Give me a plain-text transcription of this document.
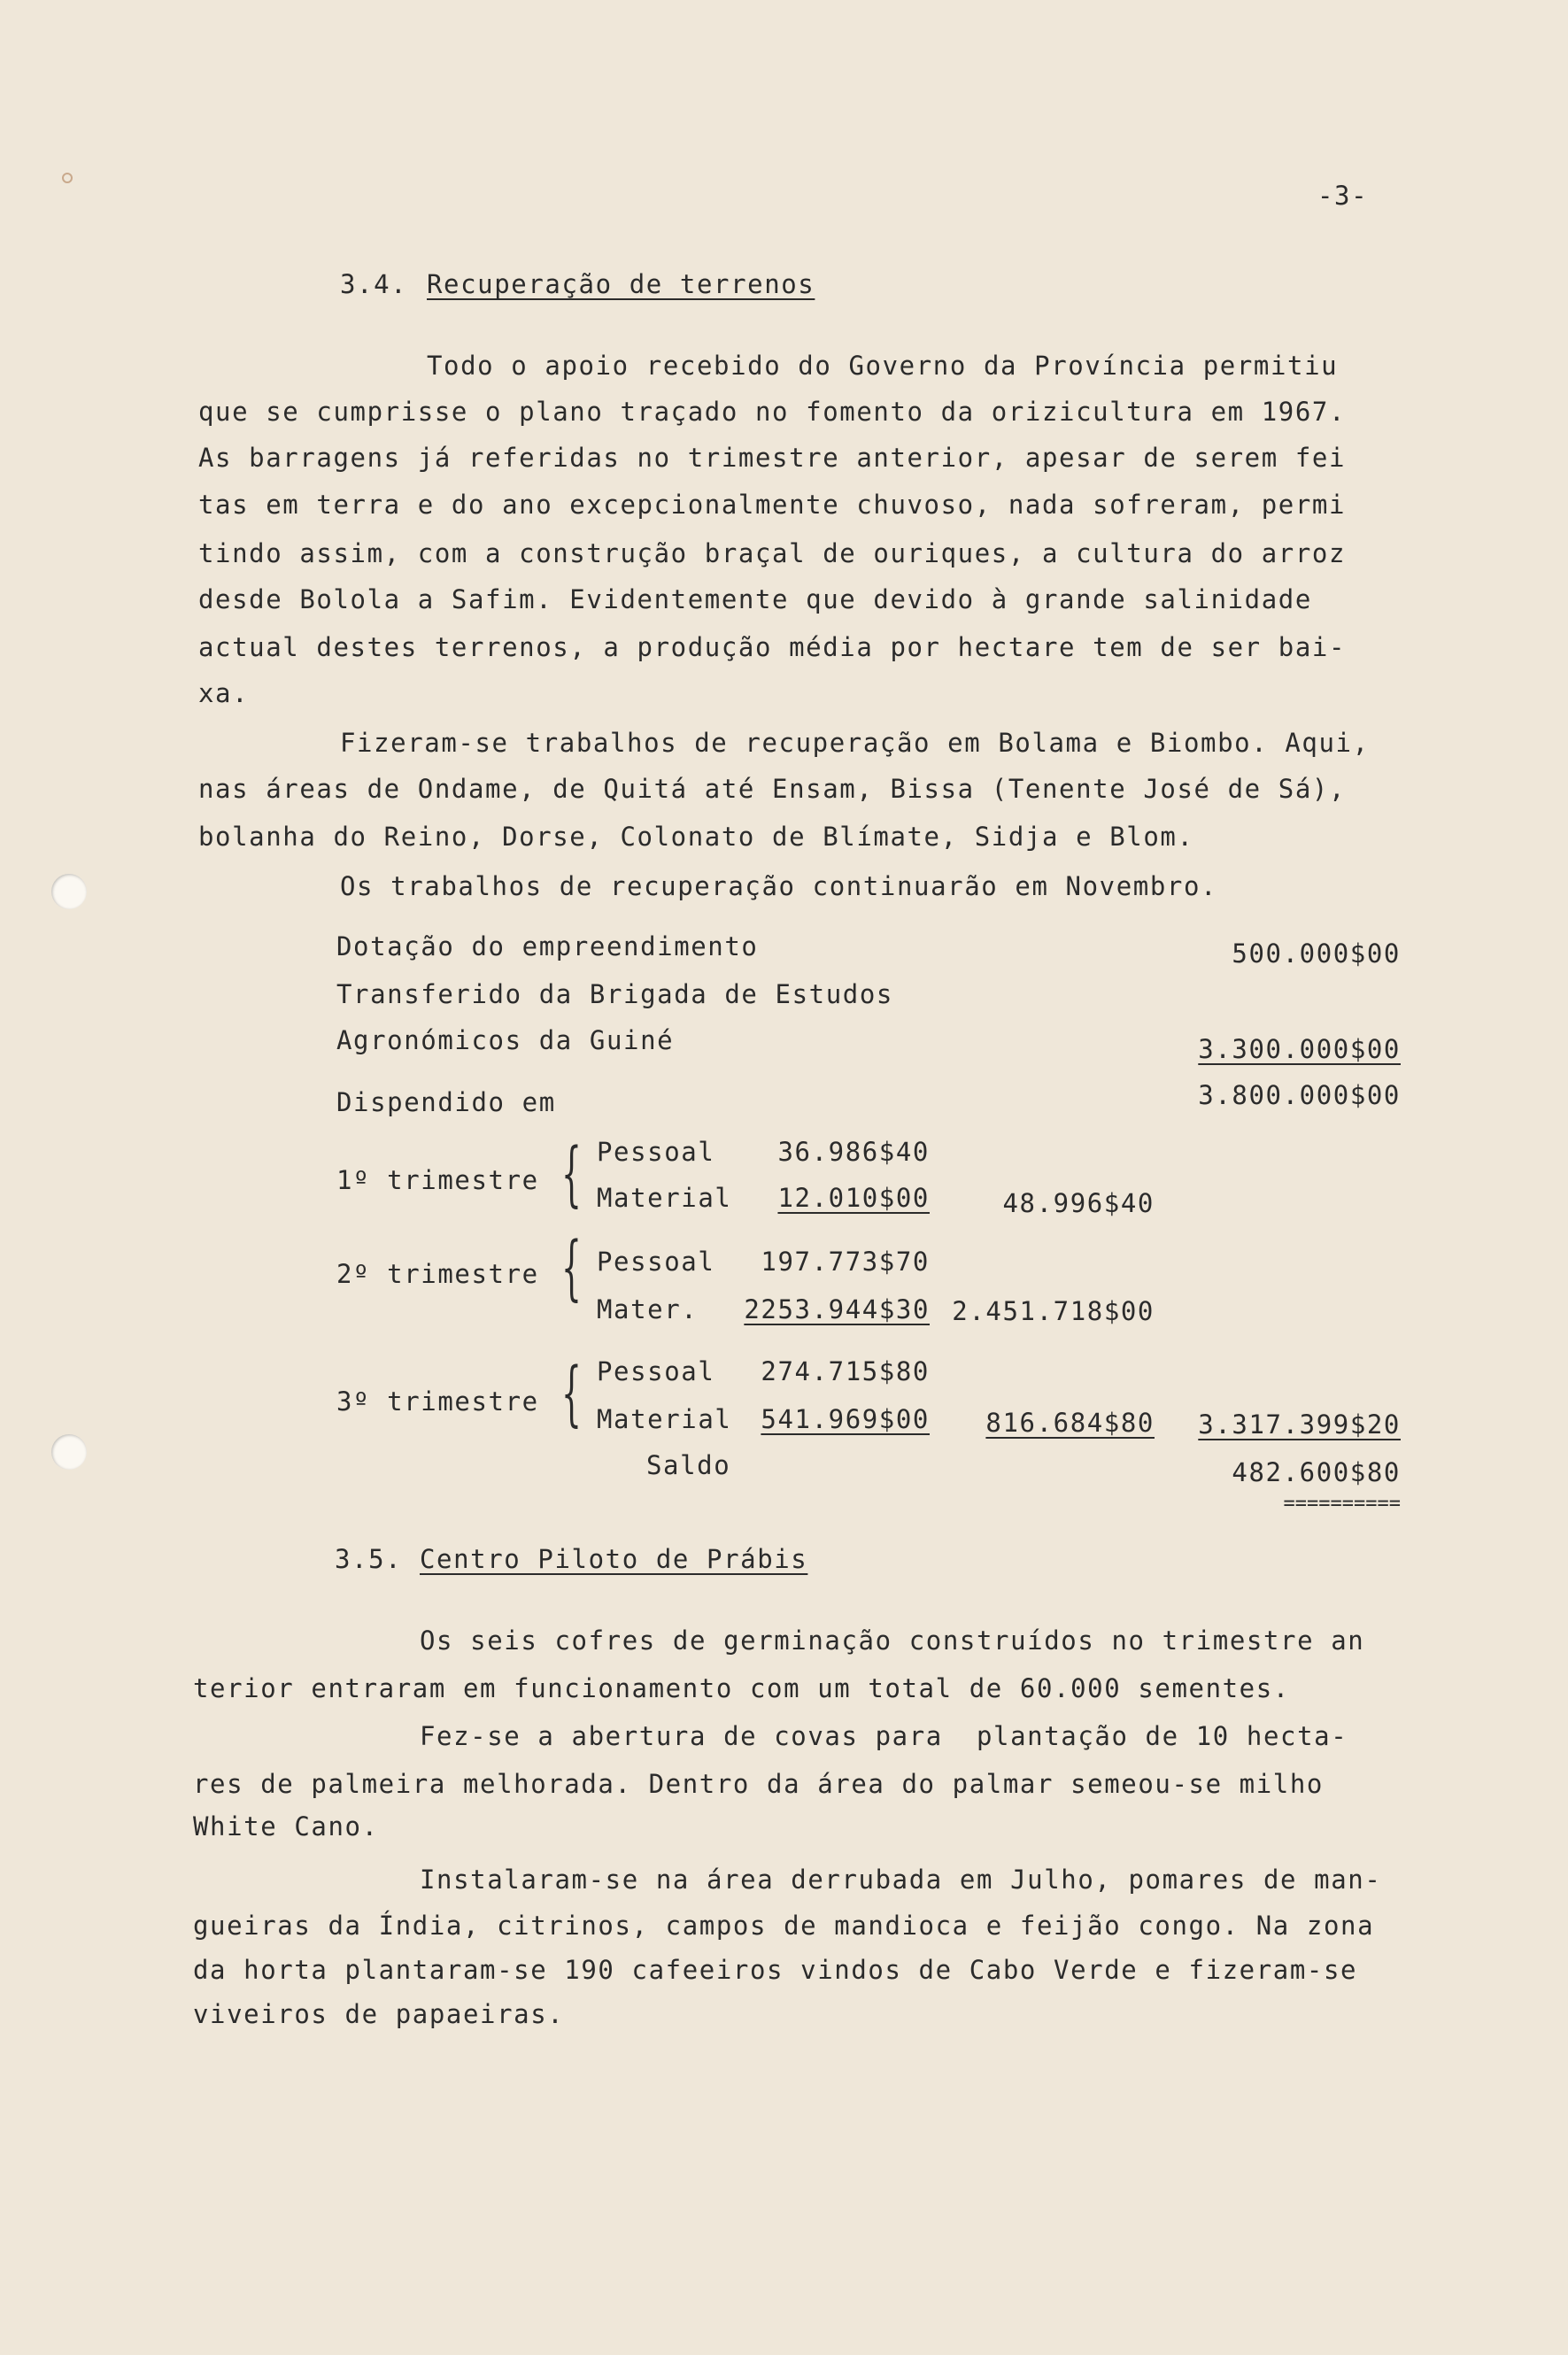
-3-
3.4. Recuperação de terrenos
Todo o apoio recebido do Governo da Província permitiu
que se cumprisse o plano traçado no fomento da orizicultura em 1967.
As barragens já referidas no trimestre anterior, apesar de serem fei
tas em terra e do ano excepcionalmente chuvoso, nada sofreram, permi
tindo assim, com a construção braçal de ouriques, a cultura do arroz
desde Bolola a Safim. Evidentemente que devido à grande salinidade
actual destes terrenos, a produção média por hectare tem de ser bai-
xa.
Fizeram-se trabalhos de recuperação em Bolama e Biombo. Aqui,
nas áreas de Ondame, de Quitá até Ensam, Bissa (Tenente José de Sá),
bolanha do Reino, Dorse, Colonato de Blímate, Sidja e Blom.
Os trabalhos de recuperação continuarão em Novembro.
Dotação do empreendimento	500.000$00
Transferido da Brigada de Estudos
Agronómicos da Guiné	3.300.000$00
3.800.000$00
Dispendido em
1º trimestre { Pessoal	36.986$40
Material	12.010$00	48.996$40
2º trimestre { Pessoal	197.773$70
Mater.	2253.944$30 2.451.718$00
3º trimestre { Pessoal	274.715$80
Material	541.969$00	816.684$80	3.317.399$20
Saldo	482.600$80
==========
3.5. Centro Piloto de Prábis
Os seis cofres de germinação construídos no trimestre an
terior entraram em funcionamento com um total de 60.000 sementes.
Fez-se a abertura de covas para  plantação de 10 hecta-
res de palmeira melhorada. Dentro da área do palmar semeou-se milho
White Cano.
Instalaram-se na área derrubada em Julho, pomares de man-
gueiras da Índia, citrinos, campos de mandioca e feijão congo. Na zona
da horta plantaram-se 190 cafeeiros vindos de Cabo Verde e fizeram-se
viveiros de papaeiras.
